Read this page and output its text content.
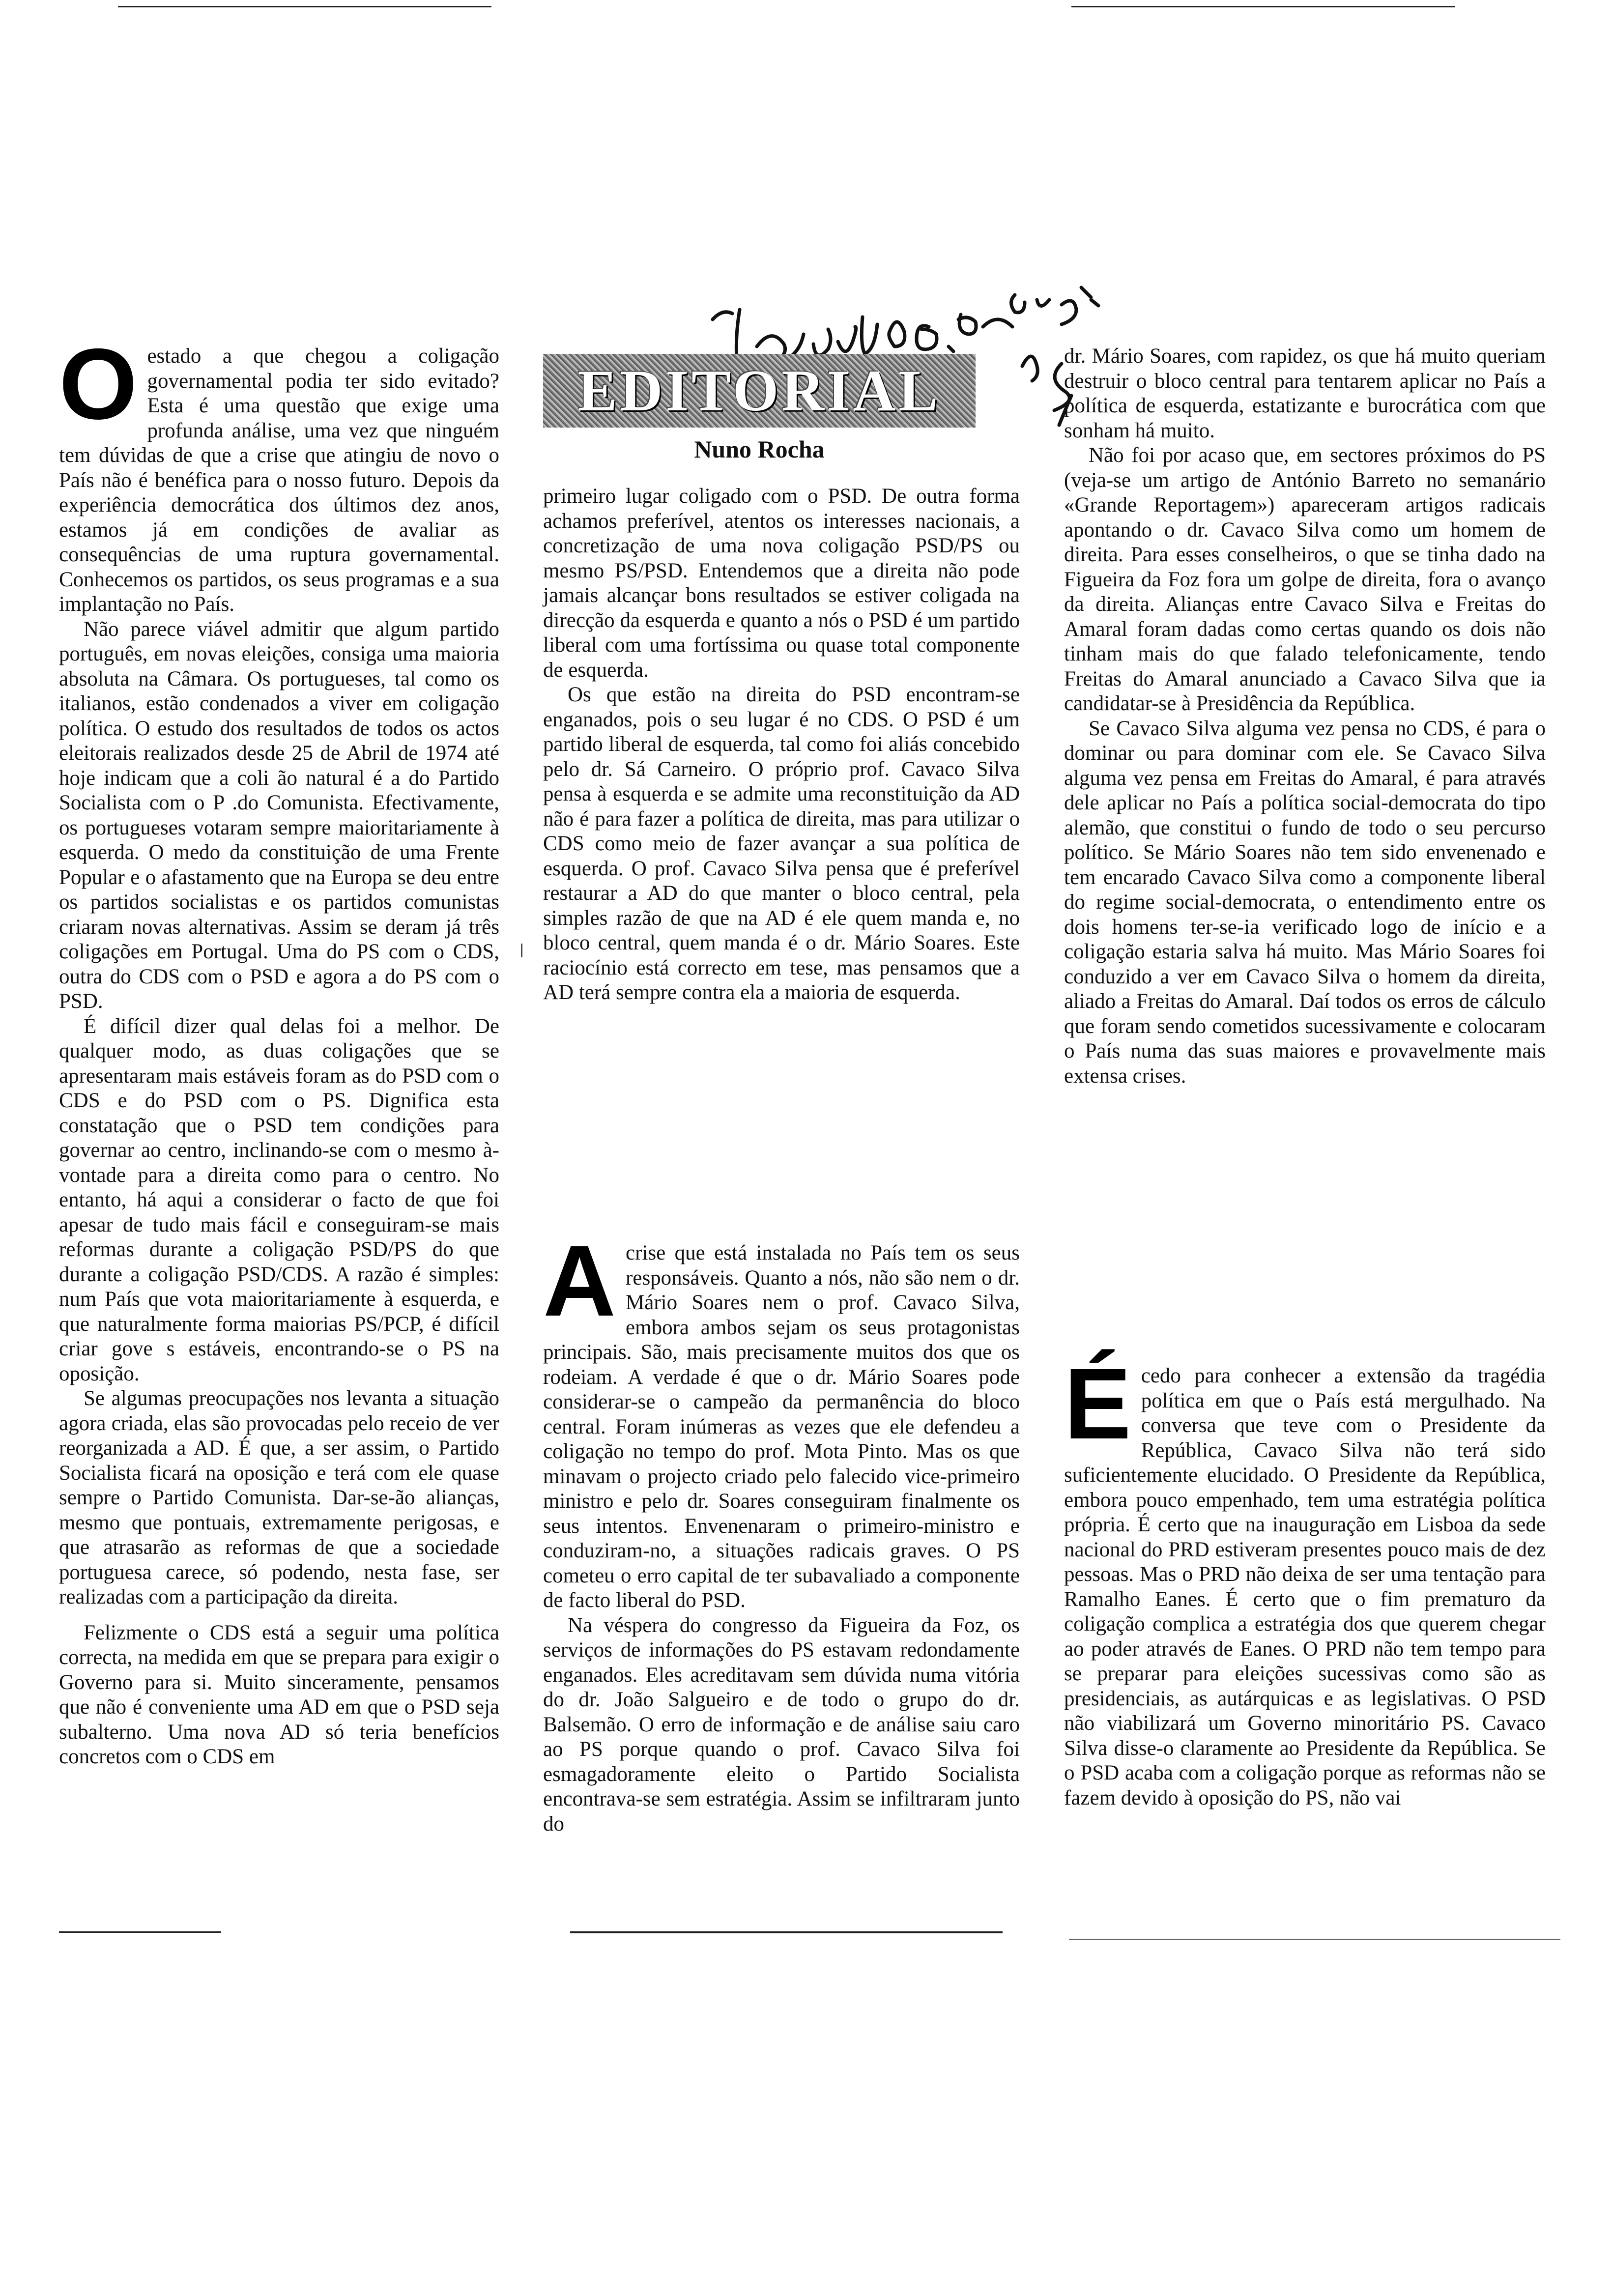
EDITORIAL
Nuno Rocha
O estado a que chegou a coligação governamental podia ter sido evitado? Esta é uma questão que exige uma profunda análise, uma vez que ninguém tem dúvidas de que a crise que atingiu de novo o País não é benéfica para o nosso futuro. Depois da experiência democrática dos últimos dez anos, estamos já em condições de avaliar as consequências de uma ruptura governamental. Conhecemos os partidos, os seus programas e a sua implantação no País.

Não parece viável admitir que algum partido português, em novas eleições, consiga uma maioria absoluta na Câmara. Os portugueses, tal como os italianos, estão condenados a viver em coligação política. O estudo dos resultados de todos os actos eleitorais realizados desde 25 de Abril de 1974 até hoje indicam que a coli ão natural é a do Partido Socialista com o P .do Comunista. Efectivamente, os portugueses votaram sempre maioritariamente à esquerda. O medo da constituição de uma Frente Popular e o afastamento que na Europa se deu entre os partidos socialistas e os partidos comunistas criaram novas alternativas. Assim se deram já três coligações em Portugal. Uma do PS com o CDS, outra do CDS com o PSD e agora a do PS com o PSD.

É difícil dizer qual delas foi a melhor. De qualquer modo, as duas coligações que se apresentaram mais estáveis foram as do PSD com o CDS e do PSD com o PS. Dignifica esta constatação que o PSD tem condições para governar ao centro, inclinando-se com o mesmo à-vontade para a direita como para o centro. No entanto, há aqui a considerar o facto de que foi apesar de tudo mais fácil e conseguiram-se mais reformas durante a coligação PSD/PS do que durante a coligação PSD/CDS. A razão é simples: num País que vota maioritariamente à esquerda, e que naturalmente forma maiorias PS/PCP, é difícil criar gove s estáveis, encontrando-se o PS na oposição.

Se algumas preocupações nos levanta a situação agora criada, elas são provocadas pelo receio de ver reorganizada a AD. É que, a ser assim, o Partido Socialista ficará na oposição e terá com ele quase sempre o Partido Comunista. Dar-se-ão alianças, mesmo que pontuais, extremamente perigosas, e que atrasarão as reformas de que a sociedade portuguesa carece, só podendo, nesta fase, ser realizadas com a participação da direita.

Felizmente o CDS está a seguir uma política correcta, na medida em que se prepara para exigir o Governo para si. Muito sinceramente, pensamos que não é conveniente uma AD em que o PSD seja subalterno. Uma nova AD só teria benefícios concretos com o CDS em

primeiro lugar coligado com o PSD. De outra forma achamos preferível, atentos os interesses nacionais, a concretização de uma nova coligação PSD/PS ou mesmo PS/PSD. Entendemos que a direita não pode jamais alcançar bons resultados se estiver coligada na direcção da esquerda e quanto a nós o PSD é um partido liberal com uma fortíssima ou quase total componente de esquerda.

Os que estão na direita do PSD encontram-se enganados, pois o seu lugar é no CDS. O PSD é um partido liberal de esquerda, tal como foi aliás concebido pelo dr. Sá Carneiro. O próprio prof. Cavaco Silva pensa à esquerda e se admite uma reconstituição da AD não é para fazer a política de direita, mas para utilizar o CDS como meio de fazer avançar a sua política de esquerda. O prof. Cavaco Silva pensa que é preferível restaurar a AD do que manter o bloco central, pela simples razão de que na AD é ele quem manda e, no bloco central, quem manda é o dr. Mário Soares. Este raciocínio está correcto em tese, mas pensamos que a AD terá sempre contra ela a maioria de esquerda.

A crise que está instalada no País tem os seus responsáveis. Quanto a nós, não são nem o dr. Mário Soares nem o prof. Cavaco Silva, embora ambos sejam os seus protagonistas principais. São, mais precisamente muitos dos que os rodeiam. A verdade é que o dr. Mário Soares pode considerar-se o campeão da permanência do bloco central. Foram inúmeras as vezes que ele defendeu a coligação no tempo do prof. Mota Pinto. Mas os que minavam o projecto criado pelo falecido vice-primeiro ministro e pelo dr. Soares conseguiram finalmente os seus intentos. Envenenaram o primeiro-ministro e conduziram-no, a situações radicais graves. O PS cometeu o erro capital de ter subavaliado a componente de facto liberal do PSD.

Na véspera do congresso da Figueira da Foz, os serviços de informações do PS estavam redondamente enganados. Eles acreditavam sem dúvida numa vitória do dr. João Salgueiro e de todo o grupo do dr. Balsemão. O erro de informação e de análise saiu caro ao PS porque quando o prof. Cavaco Silva foi esmagadoramente eleito o Partido Socialista encontrava-se sem estratégia. Assim se infiltraram junto do

dr. Mário Soares, com rapidez, os que há muito queriam destruir o bloco central para tentarem aplicar no País a política de esquerda, estatizante e burocrática com que sonham há muito.

Não foi por acaso que, em sectores próximos do PS (veja-se um artigo de António Barreto no semanário «Grande Reportagem») apareceram artigos radicais apontando o dr. Cavaco Silva como um homem de direita. Para esses conselheiros, o que se tinha dado na Figueira da Foz fora um golpe de direita, fora o avanço da direita. Alianças entre Cavaco Silva e Freitas do Amaral foram dadas como certas quando os dois não tinham mais do que falado telefonicamente, tendo Freitas do Amaral anunciado a Cavaco Silva que ia candidatar-se à Presidência da República.

Se Cavaco Silva alguma vez pensa no CDS, é para o dominar ou para dominar com ele. Se Cavaco Silva alguma vez pensa em Freitas do Amaral, é para através dele aplicar no País a política social-democrata do tipo alemão, que constitui o fundo de todo o seu percurso político. Se Mário Soares não tem sido envenenado e tem encarado Cavaco Silva como a componente liberal do regime social-democrata, o entendimento entre os dois homens ter-se-ia verificado logo de início e a coligação estaria salva há muito. Mas Mário Soares foi conduzido a ver em Cavaco Silva o homem da direita, aliado a Freitas do Amaral. Daí todos os erros de cálculo que foram sendo cometidos sucessivamente e colocaram o País numa das suas maiores e provavelmente mais extensa crises.

É cedo para conhecer a extensão da tragédia política em que o País está mergulhado. Na conversa que teve com o Presidente da República, Cavaco Silva não terá sido suficientemente elucidado. O Presidente da República, embora pouco empenhado, tem uma estratégia política própria. É certo que na inauguração em Lisboa da sede nacional do PRD estiveram presentes pouco mais de dez pessoas. Mas o PRD não deixa de ser uma tentação para Ramalho Eanes. É certo que o fim prematuro da coligação complica a estratégia dos que querem chegar ao poder através de Eanes. O PRD não tem tempo para se preparar para eleições sucessivas como são as presidenciais, as autárquicas e as legislativas. O PSD não viabilizará um Governo minoritário PS. Cavaco Silva disse-o claramente ao Presidente da República. Se o PSD acaba com a coligação porque as reformas não se fazem devido à oposição do PS, não vai
